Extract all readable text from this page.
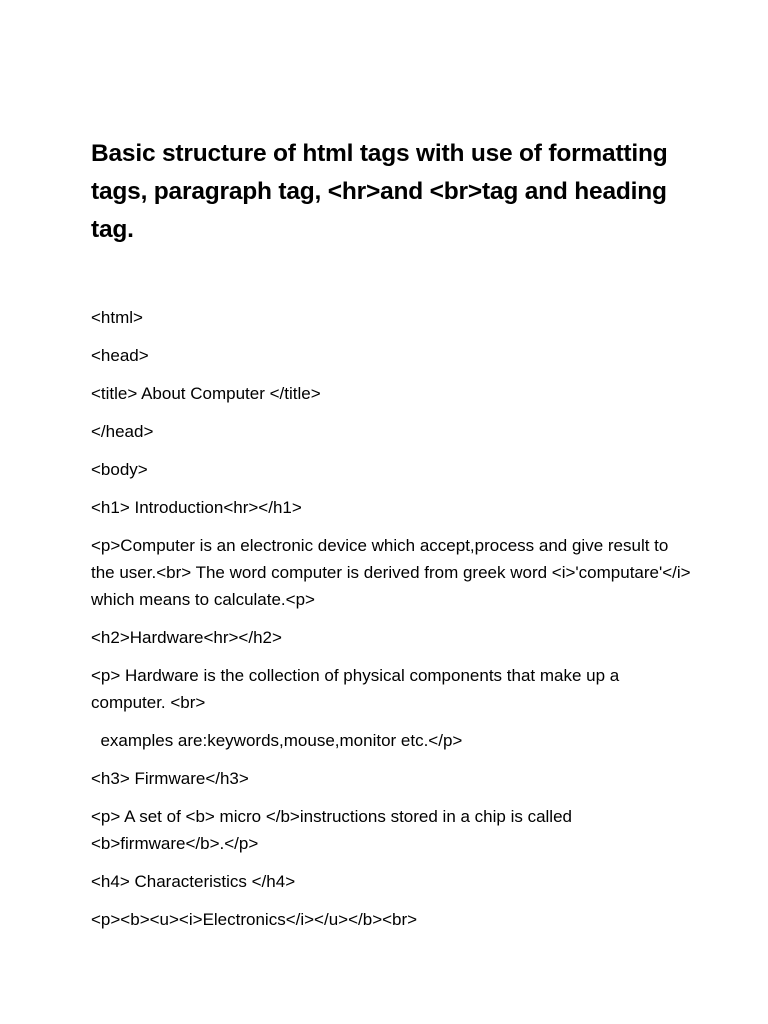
Basic structure of html tags with use of formatting tags, paragraph tag, <hr>and <br>tag and heading tag.

<html>

<head>

<title> About Computer </title>

</head>

<body>

<h1> Introduction<hr></h1>

<p>Computer is an electronic device which accept,process and give result to the user.<br> The word computer is derived from greek word <i>'computare'</i> which means to calculate.<p>

<h2>Hardware<hr></h2>

<p> Hardware is the collection of physical components that make up a computer. <br>

examples are:keywords,mouse,monitor etc.</p>

<h3> Firmware</h3>

<p> A set of <b> micro </b>instructions stored in a chip is called <b>firmware</b>.</p>

<h4> Characteristics </h4>

<p><b><u><i>Electronics</i></u></b><br>
